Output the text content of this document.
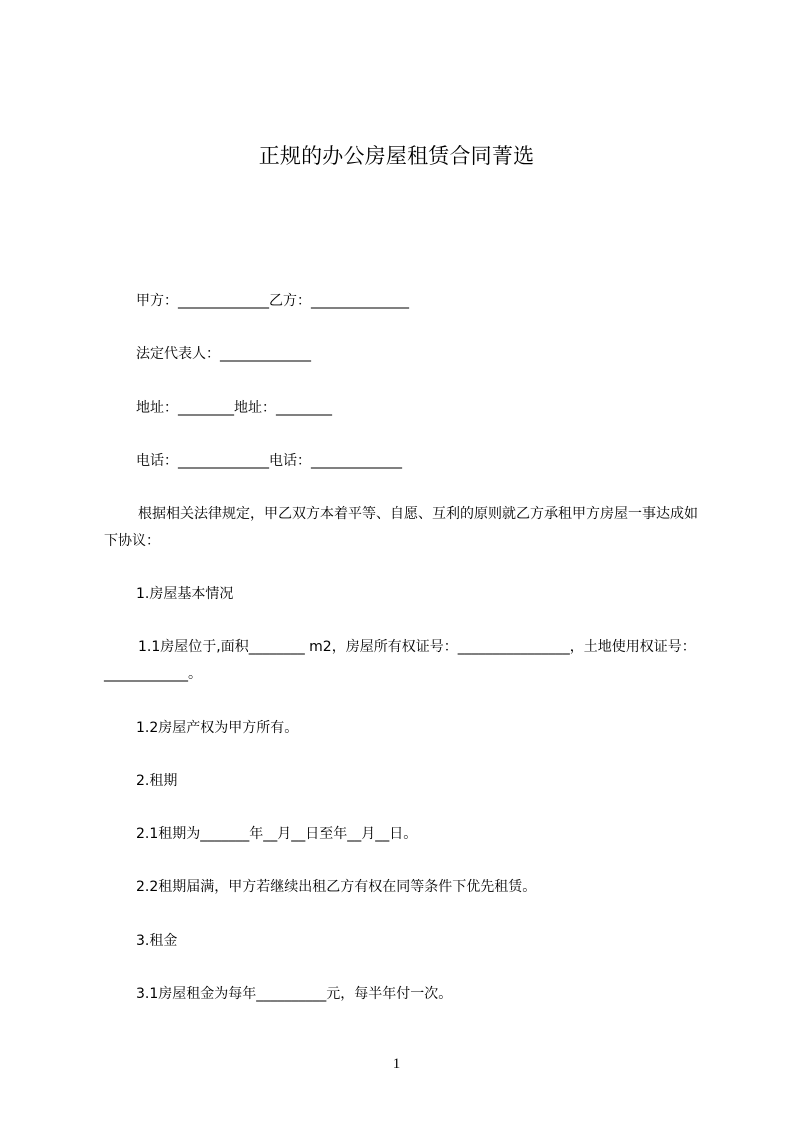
正规的办公房屋租赁合同菁选
甲方：_____________乙方：______________
法定代表人：_____________
地址：________地址：________
电话：_____________电话：_____________
根据相关法律规定，甲乙双方本着平等、自愿、互利的原则就乙方承租甲方房屋一事达成如下协议：
1.房屋基本情况
1.1房屋位于,面积________ m2，房屋所有权证号：________________，土地使用权证号：____________。
1.2房屋产权为甲方所有。
2.租期
2.1租期为_______年__月__日至年__月__日。
2.2租期届满，甲方若继续出租乙方有权在同等条件下优先租赁。
3.租金
3.1房屋租金为每年__________元，每半年付一次。
1
